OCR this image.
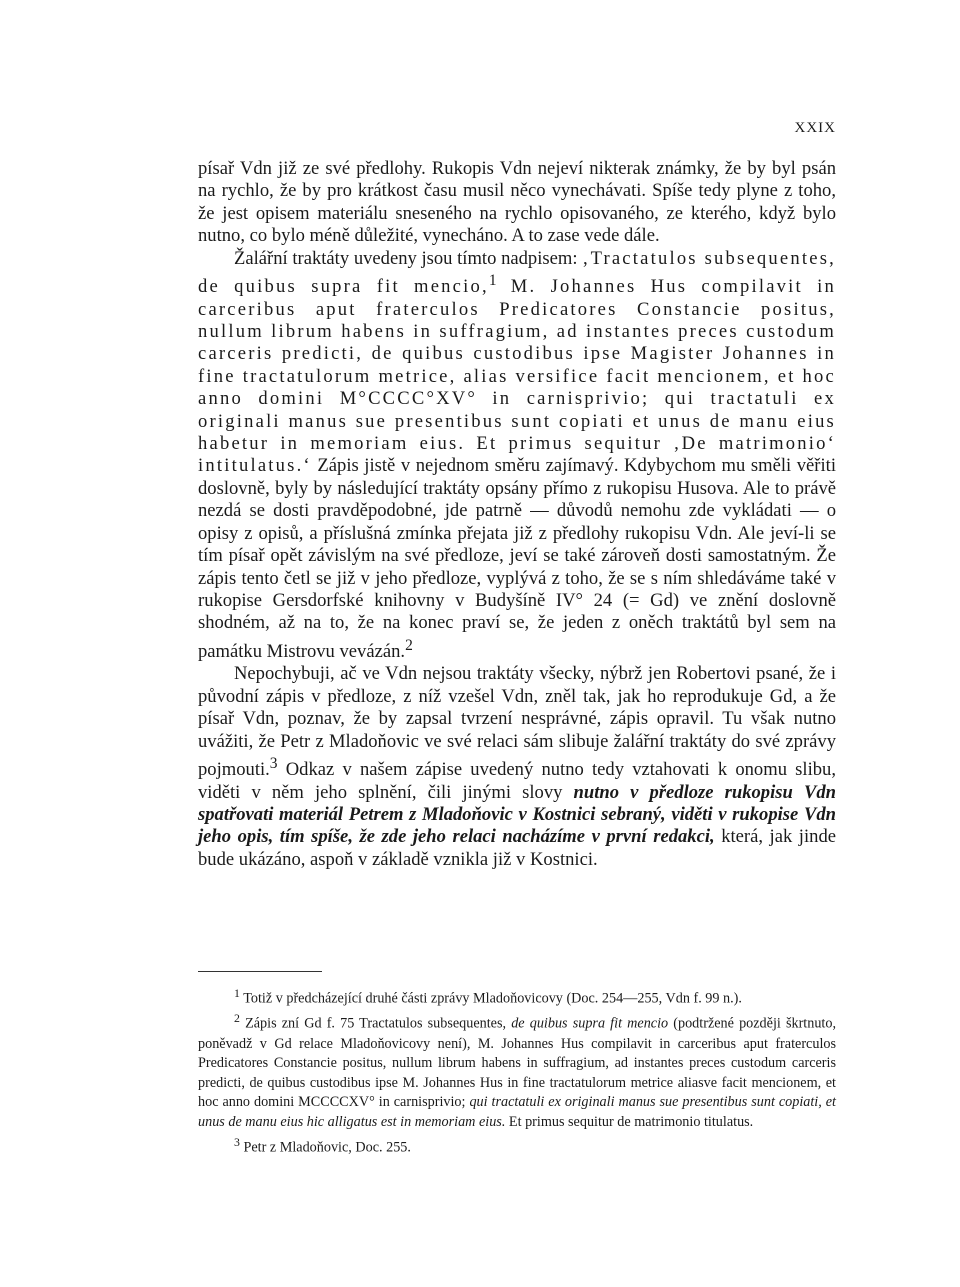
XXIX

písař Vdn již ze své předlohy. Rukopis Vdn nejeví nikterak známky, že by byl psán na rychlo, že by pro krátkost času musil něco vynechávati. Spíše tedy plyne z toho, že jest opisem materiálu sneseného na rychlo opisovaného, ze kterého, když bylo nutno, co bylo méně důležité, vynecháno. A to zase vede dále.

Žalářní traktáty uvedeny jsou tímto nadpisem: ‚Tractatulos subsequentes, de quibus supra fit mencio,$^1$ M. Johannes Hus compilavit in carceribus aput fraterculos Predicatores Constancie positus, nullum librum habens in suffragium, ad instantes preces custodum carceris predicti, de quibus custodibus ipse Magister Johannes in fine tractatulorum metrice, alias versifice facit mencionem, et hoc anno domini M°CCCC°XV° in carnisprivio; qui tractatuli ex originali manus sue presentibus sunt copiati et unus de manu eius habetur in memoriam eius. Et primus sequitur ‚De matrimonio‘ intitulatus.‘ Zápis jistě v nejednom směru zajímavý. Kdybychom mu směli věřiti doslovně, byly by následující traktáty opsány přímo z rukopisu Husova. Ale to právě nezdá se dosti pravděpodobné, jde patrně — důvodů nemohu zde vykládati — o opisy z opisů, a příslušná zmínka přejata již z předlohy rukopisu Vdn. Ale jeví-li se tím písař opět závislým na své předloze, jeví se také zároveň dosti samostatným. Že zápis tento četl se již v jeho předloze, vyplývá z toho, že se s ním shledáváme také v rukopise Gersdorfské knihovny v Budyšíně IV° 24 (= Gd) ve znění doslovně shodném, až na to, že na konec praví se, že jeden z oněch traktátů byl sem na památku Mistrovu vevázán.$^2$

Nepochybuji, ač ve Vdn nejsou traktáty všecky, nýbrž jen Robertovi psané, že i původní zápis v předloze, z níž vzešel Vdn, zněl tak, jak ho reprodukuje Gd, a že písař Vdn, poznav, že by zapsal tvrzení nesprávné, zápis opravil. Tu však nutno uvážiti, že Petr z Mladoňovic ve své relaci sám slibuje žalářní traktáty do své zprávy pojmouti.$^3$ Odkaz v našem zápise uvedený nutno tedy vztahovati k onomu slibu, viděti v něm jeho splnění, čili jinými slovy nutno v předloze rukopisu Vdn spatřovati materiál Petrem z Mladoňovic v Kostnici sebraný, viděti v rukopise Vdn jeho opis, tím spíše, že zde jeho relaci nacházíme v první redakci, která, jak jinde bude ukázáno, aspoň v základě vznikla již v Kostnici.

$^1$ Totiž v předcházející druhé části zprávy Mladoňovicovy (Doc. 254—255, Vdn f. 99 n.).

$^2$ Zápis zní Gd f. 75 Tractatulos subsequentes, de quibus supra fit mencio (podtržené později škrtnuto, poněvadž v Gd relace Mladoňovicovy není), M. Johannes Hus compilavit in carceribus aput fraterculos Predicatores Constancie positus, nullum librum habens in suffragium, ad instantes preces custodum carceris predicti, de quibus custodibus ipse M. Johannes Hus in fine tractatulorum metrice aliasve facit mencionem, et hoc anno domini MCCCCXV° in carnisprivio; qui tractatuli ex originali manus sue presentibus sunt copiati, et unus de manu eius hic alligatus est in memoriam eius. Et primus sequitur de matrimonio titulatus.

$^3$ Petr z Mladoňovic, Doc. 255.
